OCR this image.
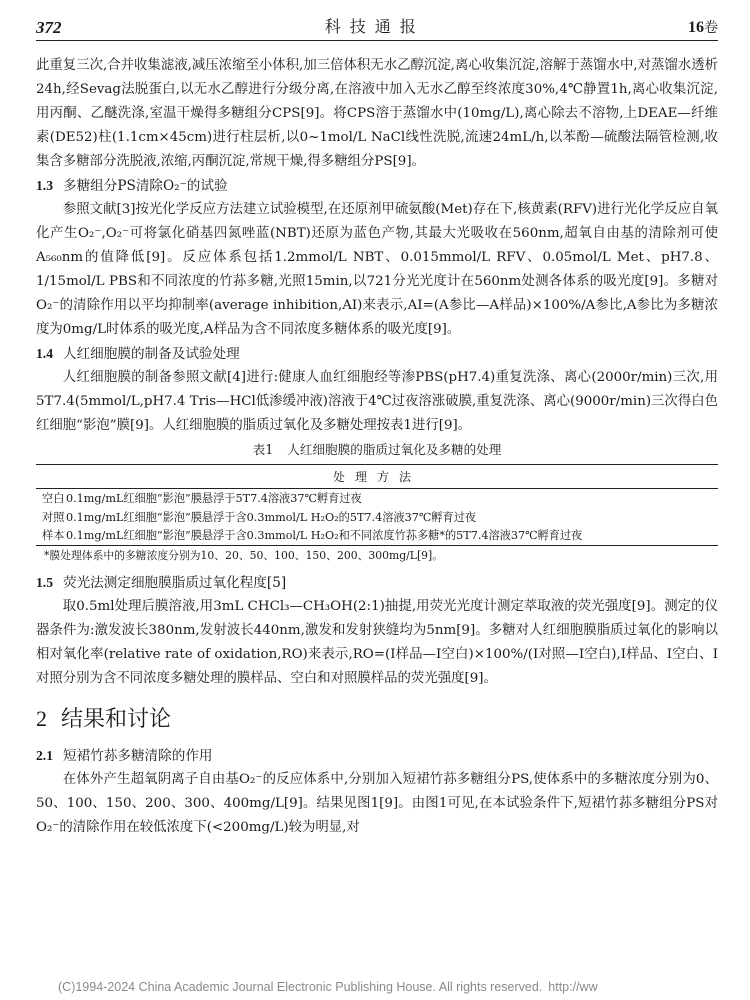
372	科技通报	16卷

此重复三次,合并收集滤液,减压浓缩至小体积,加三倍体积无水乙醇沉淀,离心收集沉淀,溶解于蒸馏水中,对蒸馏水透析24h,经Sevag法脱蛋白,以无水乙醇进行分级分离,在溶液中加入无水乙醇至终浓度30%,4℃静置1h,离心收集沉淀,用丙酮、乙醚洗涤,室温干燥得多糖组分CPS[9]。将CPS溶于蒸馏水中(10mg/L),离心除去不溶物,上DEAE—纤维素(DE52)柱(1.1cm×45cm)进行柱层析,以0~1mol/L NaCl线性洗脱,流速24mL/h,以苯酚—硫酸法隔管检测,收集含多糖部分洗脱液,浓缩,丙酮沉淀,常规干燥,得多糖组分PS[9]。

1.3 多糖组分PS清除O₂⁻的试验

参照文献[3]按光化学反应方法建立试验模型,在还原剂甲硫氨酸(Met)存在下,核黄素(RFV)进行光化学反应自氧化产生O₂⁻,O₂⁻可将氯化硝基四氮唑蓝(NBT)还原为蓝色产物,其最大光吸收在560nm,超氧自由基的清除剂可使A₅₆₀nm的值降低[9]。反应体系包括1.2mmol/L NBT、0.015mmol/L RFV、0.05mol/L Met、pH7.8、1/15mol/L PBS和不同浓度的竹荪多糖,光照15min,以721分光光度计在560nm处测各体系的吸光度[9]。多糖对O₂⁻的清除作用以平均抑制率(average inhibition,AI)来表示,AI=(A参比—A样品)×100%/A参比,A参比为多糖浓度为0mg/L时体系的吸光度,A样品为含不同浓度多糖体系的吸光度[9]。

1.4 人红细胞膜的制备及试验处理

人红细胞膜的制备参照文献[4]进行:健康人血红细胞经等渗PBS(pH7.4)重复洗涤、离心(2000r/min)三次,用5T7.4(5mmol/L,pH7.4 Tris—HCl低渗缓冲液)溶液于4℃过夜溶涨破膜,重复洗涤、离心(9000r/min)三次得白色红细胞“影泡”膜[9]。人红细胞膜的脂质过氧化及多糖处理按表1进行[9]。

表1 人红细胞膜的脂质过氧化及多糖的处理
处理方法	
空白	0.1mg/mL红细胞“影泡”膜悬浮于5T7.4溶液37℃孵育过夜
对照	0.1mg/mL红细胞“影泡”膜悬浮于含0.3mmol/L H₂O₂的5T7.4溶液37℃孵育过夜
样本	0.1mg/mL红细胞“影泡”膜悬浮于含0.3mmol/L H₂O₂和不同浓度竹荪多糖*的5T7.4溶液37℃孵育过夜
*膜处理体系中的多糖浓度分别为10、20、50、100、150、200、300mg/L[9]。
1.5 荧光法测定细胞膜脂质过氧化程度[5]

取0.5ml处理后膜溶液,用3mL CHCl₃—CH₃OH(2:1)抽提,用荧光光度计测定萃取液的荧光强度[9]。测定的仪器条件为:激发波长380nm,发射波长440nm,激发和发射狭缝均为5nm[9]。多糖对人红细胞膜脂质过氧化的影响以相对氧化率(relative rate of oxidation,RO)来表示,RO=(I样品—I空白)×100%/(I对照—I空白),I样品、I空白、I对照分别为含不同浓度多糖处理的膜样品、空白和对照膜样品的荧光强度[9]。

2 结果和讨论
2.1 短裙竹荪多糖清除的作用

在体外产生超氧阴离子自由基O₂⁻的反应体系中,分别加入短裙竹荪多糖组分PS,使体系中的多糖浓度分别为0、50、100、150、200、300、400mg/L[9]。结果见图1[9]。由图1可见,在本试验条件下,短裙竹荪多糖组分PS对O₂⁻的清除作用在较低浓度下(<200mg/L)较为明显,对

(C)1994-2024 China Academic Journal Electronic Publishing House. All rights reserved. http://ww
